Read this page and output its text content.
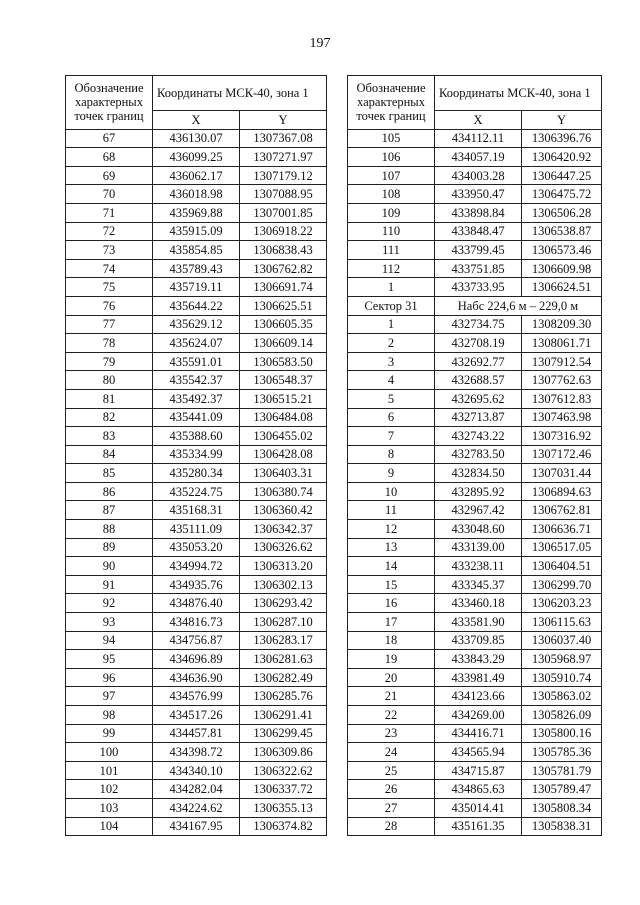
197
Обозначение
характерных
точек границ	Координаты МСК-40, зона 1	
	X	Y
67	436130.07	1307367.08
68	436099.25	1307271.97
69	436062.17	1307179.12
70	436018.98	1307088.95
71	435969.88	1307001.85
72	435915.09	1306918.22
73	435854.85	1306838.43
74	435789.43	1306762.82
75	435719.11	1306691.74
76	435644.22	1306625.51
77	435629.12	1306605.35
78	435624.07	1306609.14
79	435591.01	1306583.50
80	435542.37	1306548.37
81	435492.37	1306515.21
82	435441.09	1306484.08
83	435388.60	1306455.02
84	435334.99	1306428.08
85	435280.34	1306403.31
86	435224.75	1306380.74
87	435168.31	1306360.42
88	435111.09	1306342.37
89	435053.20	1306326.62
90	434994.72	1306313.20
91	434935.76	1306302.13
92	434876.40	1306293.42
93	434816.73	1306287.10
94	434756.87	1306283.17
95	434696.89	1306281.63
96	434636.90	1306282.49
97	434576.99	1306285.76
98	434517.26	1306291.41
99	434457.81	1306299.45
100	434398.72	1306309.86
101	434340.10	1306322.62
102	434282.04	1306337.72
103	434224.62	1306355.13
104	434167.95	1306374.82
Обозначение
характерных
точек границ	Координаты МСК-40, зона 1	
	X	Y
105	434112.11	1306396.76
106	434057.19	1306420.92
107	434003.28	1306447.25
108	433950.47	1306475.72
109	433898.84	1306506.28
110	433848.47	1306538.87
111	433799.45	1306573.46
112	433751.85	1306609.98
1	433733.95	1306624.51
Сектор 31	Набс 224,6 м – 229,0 м	
1	432734.75	1308209.30
2	432708.19	1308061.71
3	432692.77	1307912.54
4	432688.57	1307762.63
5	432695.62	1307612.83
6	432713.87	1307463.98
7	432743.22	1307316.92
8	432783.50	1307172.46
9	432834.50	1307031.44
10	432895.92	1306894.63
11	432967.42	1306762.81
12	433048.60	1306636.71
13	433139.00	1306517.05
14	433238.11	1306404.51
15	433345.37	1306299.70
16	433460.18	1306203.23
17	433581.90	1306115.63
18	433709.85	1306037.40
19	433843.29	1305968.97
20	433981.49	1305910.74
21	434123.66	1305863.02
22	434269.00	1305826.09
23	434416.71	1305800.16
24	434565.94	1305785.36
25	434715.87	1305781.79
26	434865.63	1305789.47
27	435014.41	1305808.34
28	435161.35	1305838.31
